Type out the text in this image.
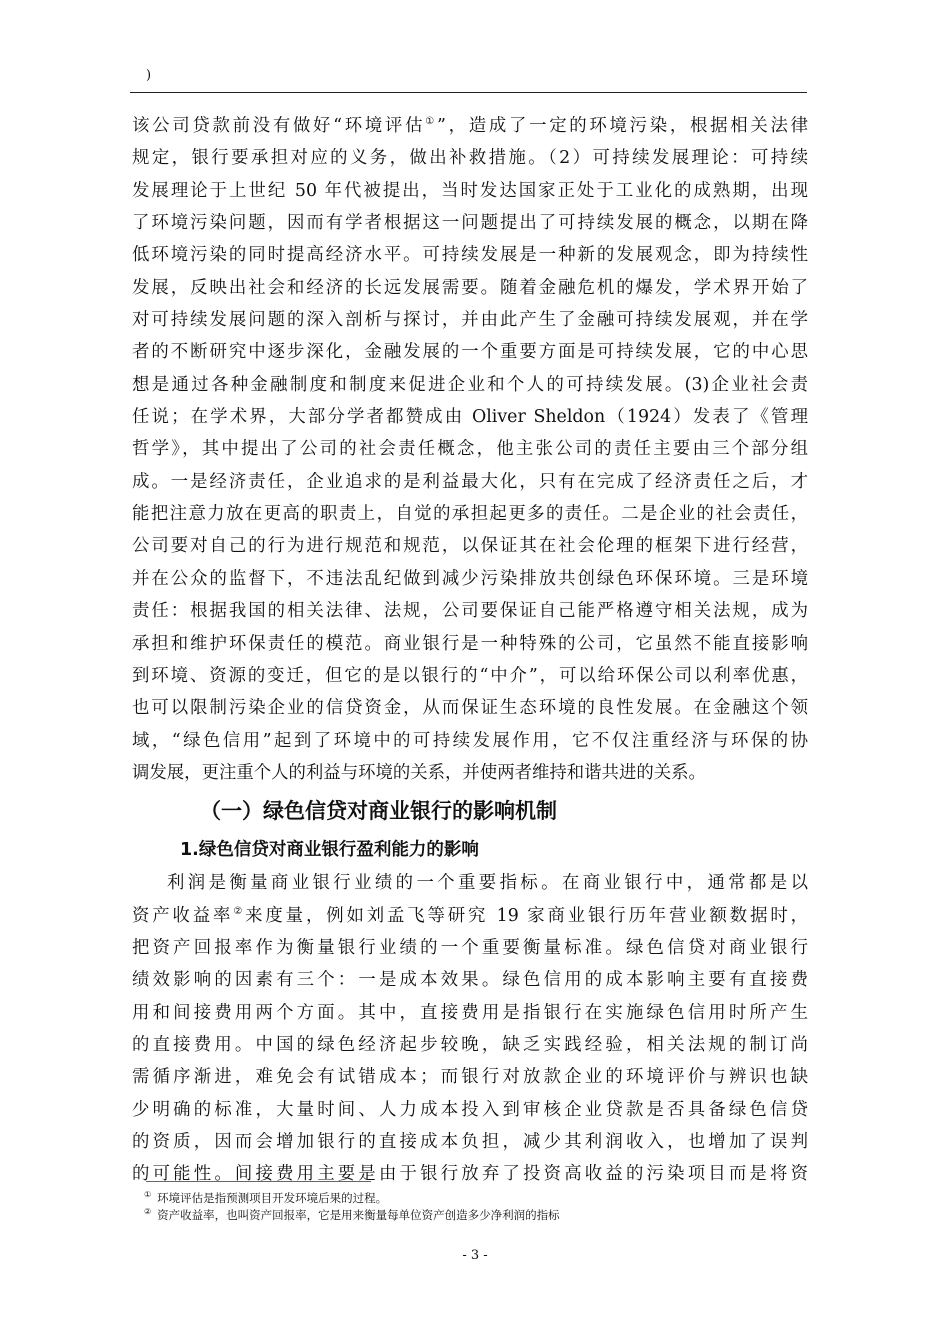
)
该公司贷款前没有做好“环境评估①”，造成了一定的环境污染，根据相关法律
规定，银行要承担对应的义务，做出补救措施。（2）可持续发展理论：可持续
发展理论于上世纪 50 年代被提出，当时发达国家正处于工业化的成熟期，出现
了环境污染问题，因而有学者根据这一问题提出了可持续发展的概念，以期在降
低环境污染的同时提高经济水平。可持续发展是一种新的发展观念，即为持续性
发展，反映出社会和经济的长远发展需要。随着金融危机的爆发，学术界开始了
对可持续发展问题的深入剖析与探讨，并由此产生了金融可持续发展观，并在学
者的不断研究中逐步深化，金融发展的一个重要方面是可持续发展，它的中心思
想是通过各种金融制度和制度来促进企业和个人的可持续发展。(3)企业社会责
任说；在学术界，大部分学者都赞成由 Oliver Sheldon（1924）发表了《管理
哲学》，其中提出了公司的社会责任概念，他主张公司的责任主要由三个部分组
成。一是经济责任，企业追求的是利益最大化，只有在完成了经济责任之后，才
能把注意力放在更高的职责上，自觉的承担起更多的责任。二是企业的社会责任，
公司要对自己的行为进行规范和规范，以保证其在社会伦理的框架下进行经营，
并在公众的监督下，不违法乱纪做到减少污染排放共创绿色环保环境。三是环境
责任：根据我国的相关法律、法规，公司要保证自己能严格遵守相关法规，成为
承担和维护环保责任的模范。商业银行是一种特殊的公司，它虽然不能直接影响
到环境、资源的变迁，但它的是以银行的“中介”，可以给环保公司以利率优惠，
也可以限制污染企业的信贷资金，从而保证生态环境的良性发展。在金融这个领
域，“绿色信用”起到了环境中的可持续发展作用，它不仅注重经济与环保的协
调发展，更注重个人的利益与环境的关系，并使两者维持和谐共进的关系。
（一）绿色信贷对商业银行的影响机制
1.绿色信贷对商业银行盈利能力的影响
利润是衡量商业银行业绩的一个重要指标。在商业银行中，通常都是以
资产收益率②来度量，例如刘孟飞等研究 19 家商业银行历年营业额数据时，
把资产回报率作为衡量银行业绩的一个重要衡量标准。绿色信贷对商业银行
绩效影响的因素有三个：一是成本效果。绿色信用的成本影响主要有直接费
用和间接费用两个方面。其中，直接费用是指银行在实施绿色信用时所产生
的直接费用。中国的绿色经济起步较晚，缺乏实践经验，相关法规的制订尚
需循序渐进，难免会有试错成本；而银行对放款企业的环境评价与辨识也缺
少明确的标准，大量时间、人力成本投入到审核企业贷款是否具备绿色信贷
的资质，因而会增加银行的直接成本负担，减少其利润收入，也增加了误判
的可能性。间接费用主要是由于银行放弃了投资高收益的污染项目而是将资
① 环境评估是指预测项目开发环境后果的过程。
② 资产收益率，也叫资产回报率，它是用来衡量每单位资产创造多少净利润的指标
- 3 -
